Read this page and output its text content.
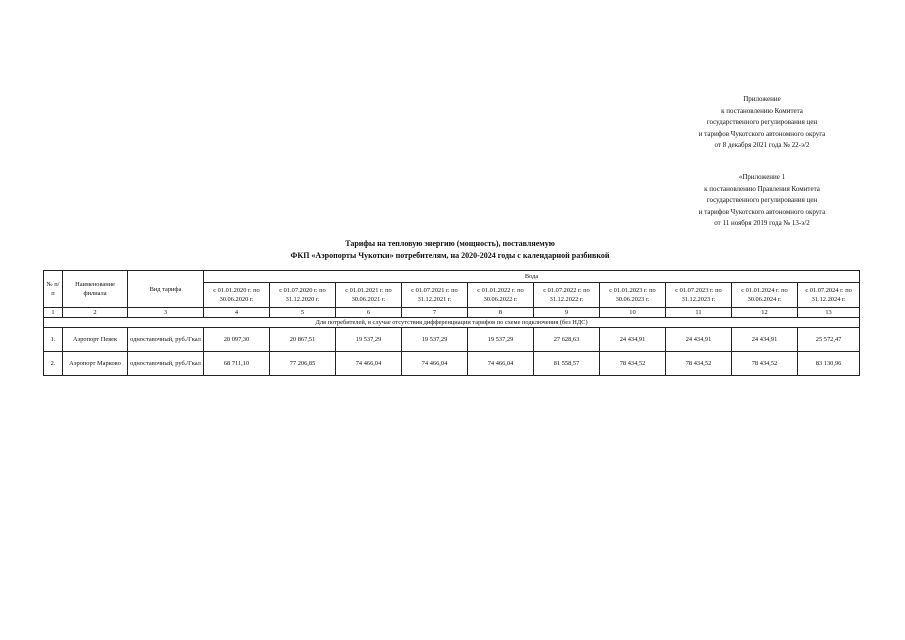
Приложение
к постановлению Комитета
государственного регулирования цен
и тарифов Чукотского автономного округа
от 8 декабря 2021 года № 22-э/2
«Приложение 1
к постановлению Правления Комитета
государственного регулирования цен
и тарифов Чукотского автономного округа
от 11 ноября 2019 года № 13-э/2
Тарифы на тепловую энергию (мощность), поставляемую
ФКП «Аэропорты Чукотки» потребителям, на 2020-2024 годы с календарной разбивкой
№ п/п	Наименование филиала	Вид тарифа	Вода									
			с 01.01.2020 г. по 30.06.2020 г.	с 01.07.2020 г. по 31.12.2020 г.	с 01.01.2021 г. по 30.06.2021 г.	с 01.07.2021 г. по 31.12.2021 г.	с 01.01.2022 г. по 30.06.2022 г.	с 01.07.2022 г. по 31.12.2022 г.	с 01.01.2023 г. по 30.06.2023 г.	с 01.07.2023 г. по 31.12.2023 г.	с 01.01.2024 г. по 30.06.2024 г.	с 01.07.2024 г. по 31.12.2024 г.
1	2	3	4	5	6	7	8	9	10	11	12	13
Для потребителей, в случае отсутствия дифференциации тарифов по схеме подключения (без НДС)												
1.	Аэропорт Певек	одноставочный, руб./Гкал	20 097,30	20 867,51	19 537,29	19 537,29	19 537,29	27 628,63	24 434,91	24 434,91	24 434,91	25 572,47
2.	Аэропорт Марково	одноставочный, руб./Гкал	68 711,10	77 206,85	74 466,04	74 466,04	74 466,04	81 558,57	78 434,52	78 434,52	78 434,52	83 130,96
